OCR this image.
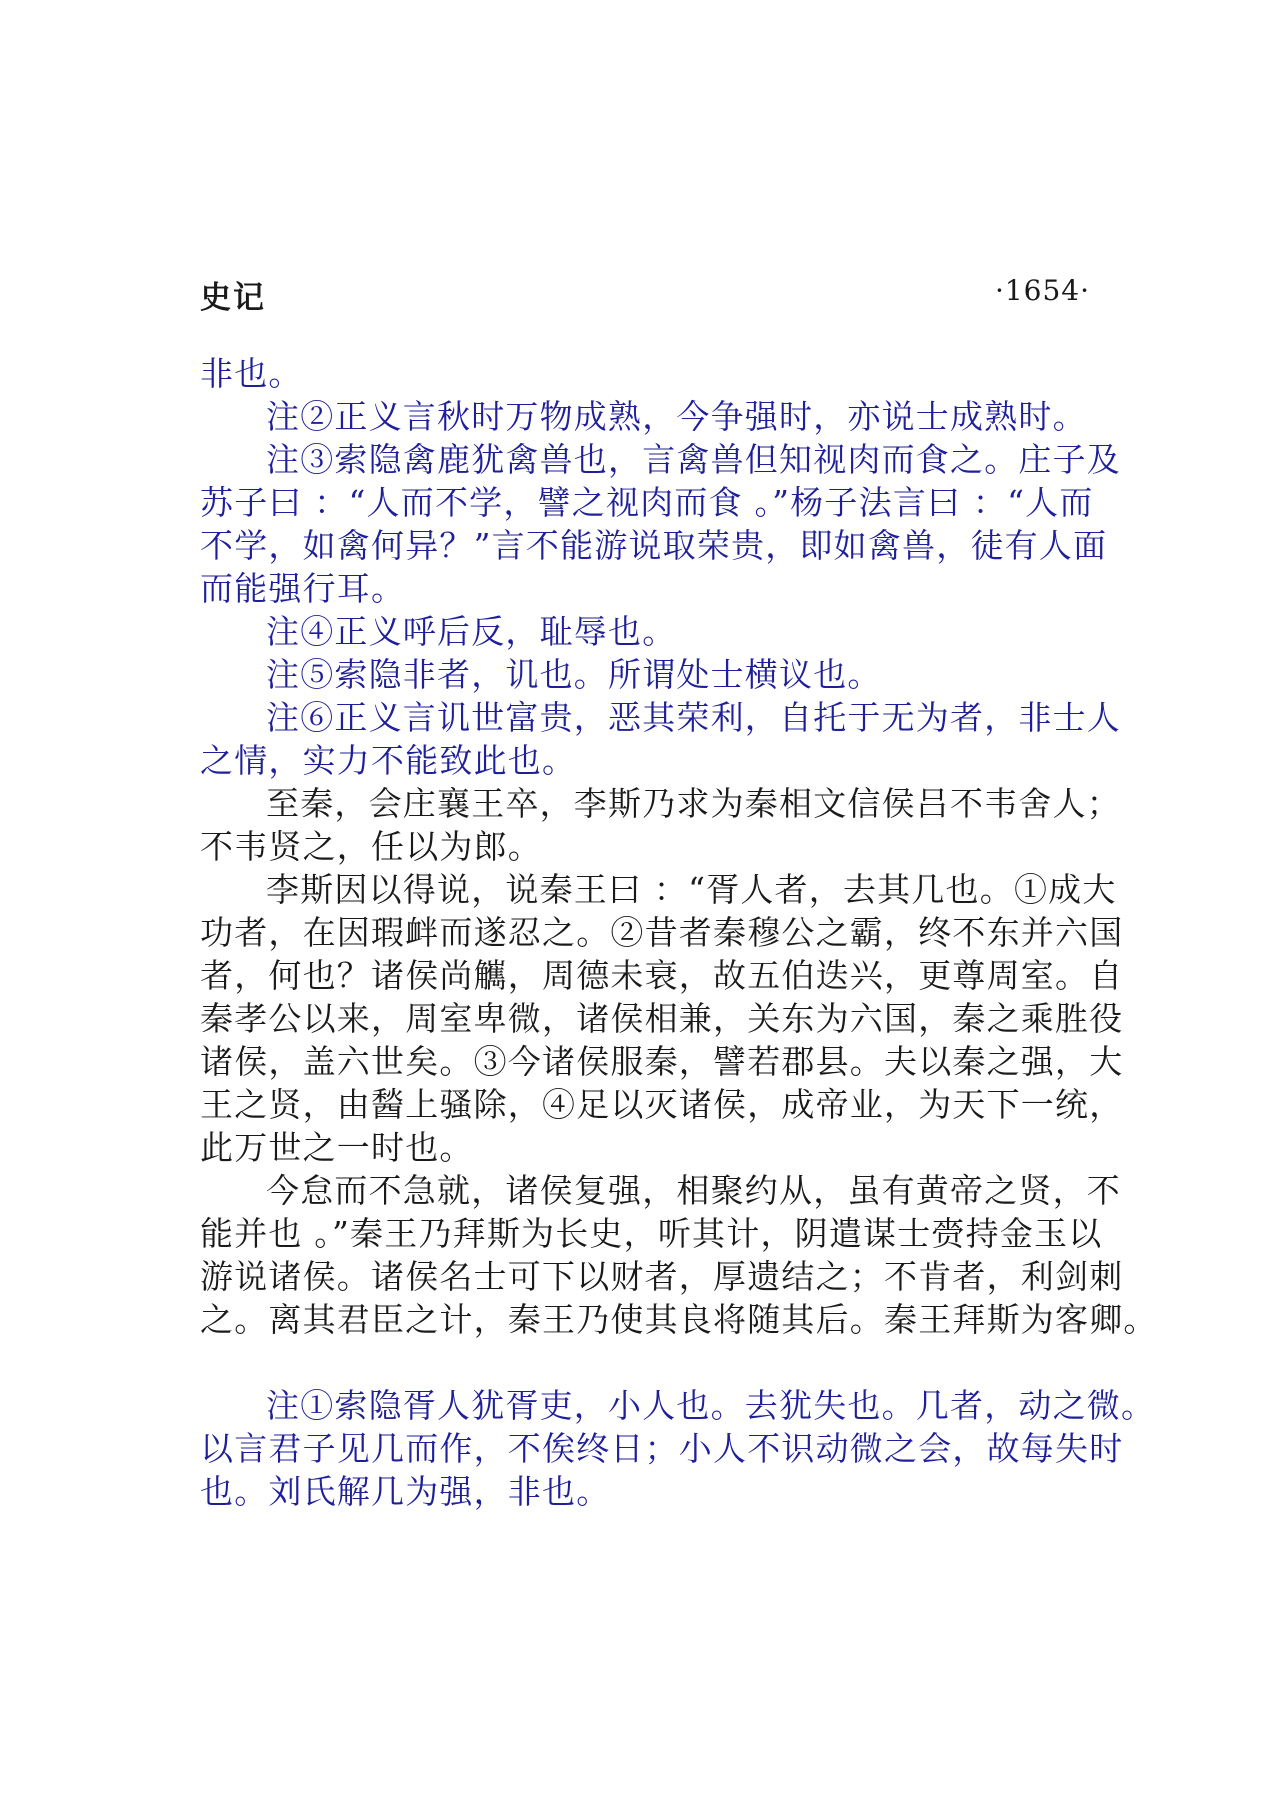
史记	·1654·

非也。

注②正义言秋时万物成熟，今争强时，亦说士成熟时。

注③索隐禽鹿犹禽兽也，言禽兽但知视肉而食之。庄子及
苏子曰 ：“人而不学，譬之视肉而食 。”杨子法言曰 ：“人而
不学，如禽何异？”言不能游说取荣贵，即如禽兽，徒有人面
而能强行耳。

注④正义呼后反，耻辱也。

注⑤索隐非者，讥也。所谓处士横议也。

注⑥正义言讥世富贵，恶其荣利，自托于无为者，非士人
之情，实力不能致此也。

至秦，会庄襄王卒，李斯乃求为秦相文信侯吕不韦舍人；
不韦贤之，任以为郎。

李斯因以得说，说秦王曰 ：“胥人者，去其几也。①成大
功者，在因瑕衅而遂忍之。②昔者秦穆公之霸，终不东并六国
者，何也？诸侯尚觽，周德未衰，故五伯迭兴，更尊周室。自
秦孝公以来，周室卑微，诸侯相兼，关东为六国，秦之乘胜役
诸侯，盖六世矣。③今诸侯服秦，譬若郡县。夫以秦之强，大
王之贤，由醔上骚除，④足以灭诸侯，成帝业，为天下一统，
此万世之一时也。

今怠而不急就，诸侯复强，相聚约从，虽有黄帝之贤，不
能并也 。”秦王乃拜斯为长史，听其计，阴遣谋士赍持金玉以
游说诸侯。诸侯名士可下以财者，厚遗结之；不肯者，利剑刺
之。离其君臣之计，秦王乃使其良将随其后。秦王拜斯为客卿。

注①索隐胥人犹胥吏，小人也。去犹失也。几者，动之微。
以言君子见几而作，不俟终日；小人不识动微之会，故每失时
也。刘氏解几为强，非也。
